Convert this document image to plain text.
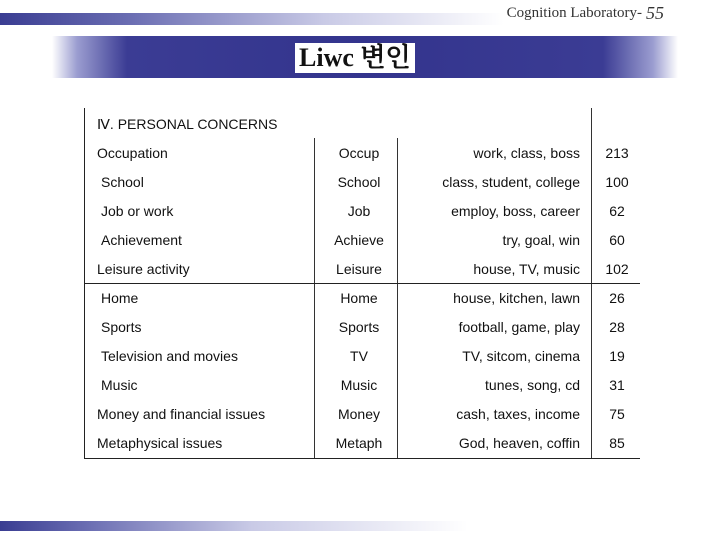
Cognition Laboratory- 55
Liwc 변인
Ⅳ. PERSONAL CONCERNS
Occupation	Occup	work, class, boss	213
School	School	class, student, college	100
Job or work	Job	employ, boss, career	62
Achievement	Achieve	try, goal, win	60
Leisure activity	Leisure	house, TV, music	102
Home	Home	house, kitchen, lawn	26
Sports	Sports	football, game, play	28
Television and movies	TV	TV, sitcom, cinema	19
Music	Music	tunes, song, cd	31
Money and financial issues	Money	cash, taxes, income	75
Metaphysical issues	Metaph	God, heaven, coffin	85
